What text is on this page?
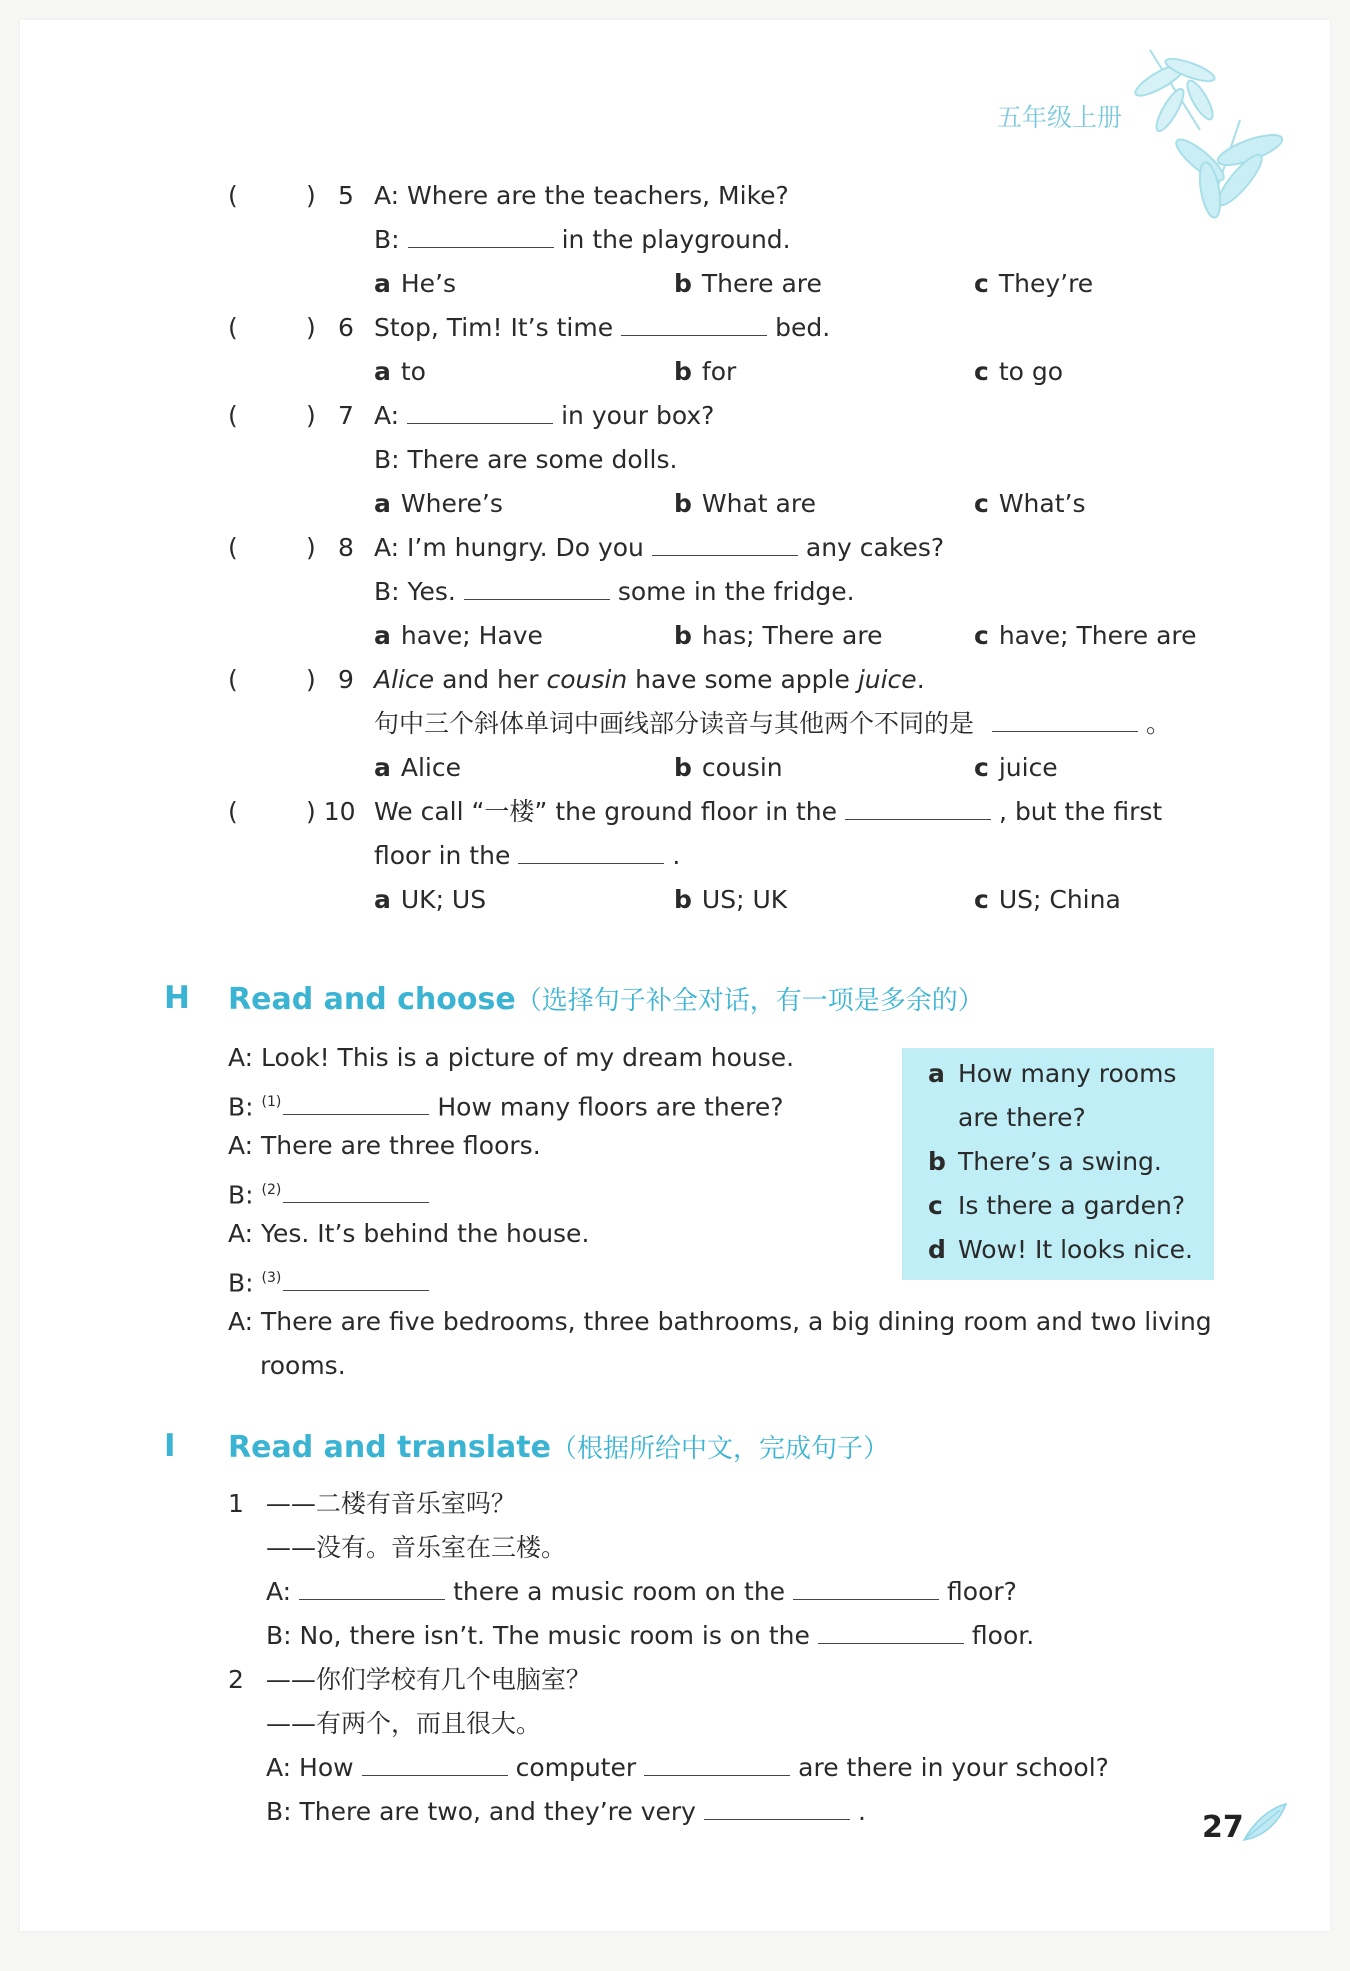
五年级上册
(	) 5 A: Where are the teachers, Mike?
B:	in the playground.
a He’s	b There are	c They’re
(	) 6 Stop, Tim! It’s time	bed.
a to	b for	c to go
(	) 7 A:	in your box?
B: There are some dolls.
a Where’s	b What are	c What’s
(	) 8 A: I’m hungry. Do you	any cakes?
B: Yes.	some in the fridge.
a have; Have	b has; There are	c have; There are
(	) 9 Alice and her cousin have some apple juice.
句中三个斜体单词中画线部分读音与其他两个不同的是	。
a Alice	b cousin	c juice
(	) 10 We call “一楼” the ground floor in the	, but the first
floor in the	.
a UK; US	b US; UK	c US; China
H Read and choose（选择句子补全对话，有一项是多余的）
A: Look! This is a picture of my dream house.
B: $^{(1)}$	How many floors are there?
A: There are three floors.
B: $^{(2)}$
A: Yes. It’s behind the house.
B: $^{(3)}$
A: There are five bedrooms, three bathrooms, a big dining room and two living
rooms.
a How many rooms
are there?
b There’s a swing.
c Is there a garden?
d Wow! It looks nice.
I Read and translate（根据所给中文，完成句子）
1 ——二楼有音乐室吗？
——没有。音乐室在三楼。
A:	there a music room on the	floor?
B: No, there isn’t. The music room is on the	floor.
2 ——你们学校有几个电脑室？
——有两个，而且很大。
A: How	computer	are there in your school?
B: There are two, and they’re very	.	27
